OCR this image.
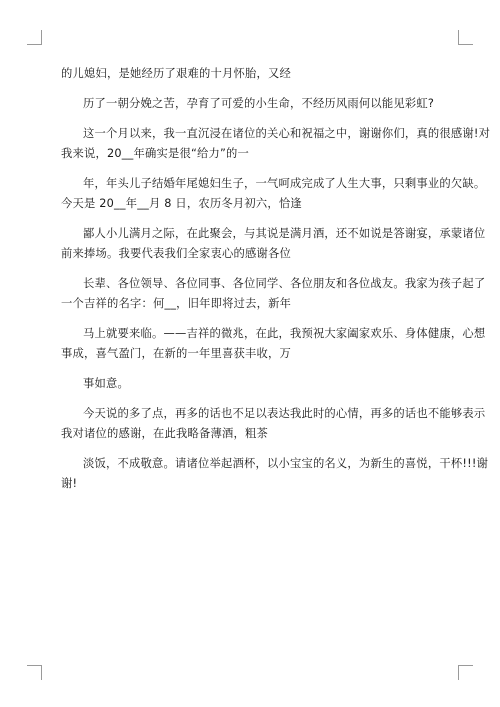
的儿媳妇，是她经历了艰难的十月怀胎，又经
历了一朝分娩之苦，孕育了可爱的小生命，不经历风雨何以能见彩虹?
这一个月以来，我一直沉浸在诸位的关心和祝福之中，谢谢你们，真的很感谢!对
我来说，20__年确实是很“给力”的一
年，年头儿子结婚年尾媳妇生子，一气呵成完成了人生大事，只剩事业的欠缺。
今天是 20__年__月 8 日，农历冬月初六，恰逢
鄙人小儿满月之际，在此聚会，与其说是满月酒，还不如说是答谢宴，承蒙诸位
前来捧场。我要代表我们全家衷心的感谢各位
长辈、各位领导、各位同事、各位同学、各位朋友和各位战友。我家为孩子起了
一个吉祥的名字：何__，旧年即将过去，新年
马上就要来临。——吉祥的微兆，在此，我预祝大家阖家欢乐、身体健康，心想
事成，喜气盈门，在新的一年里喜获丰收，万
事如意。
今天说的多了点，再多的话也不足以表达我此时的心情，再多的话也不能够表示
我对诸位的感谢，在此我略备薄酒，粗茶
淡饭，不成敬意。请诸位举起酒杯，以小宝宝的名义，为新生的喜悦，干杯!!!谢
谢!
